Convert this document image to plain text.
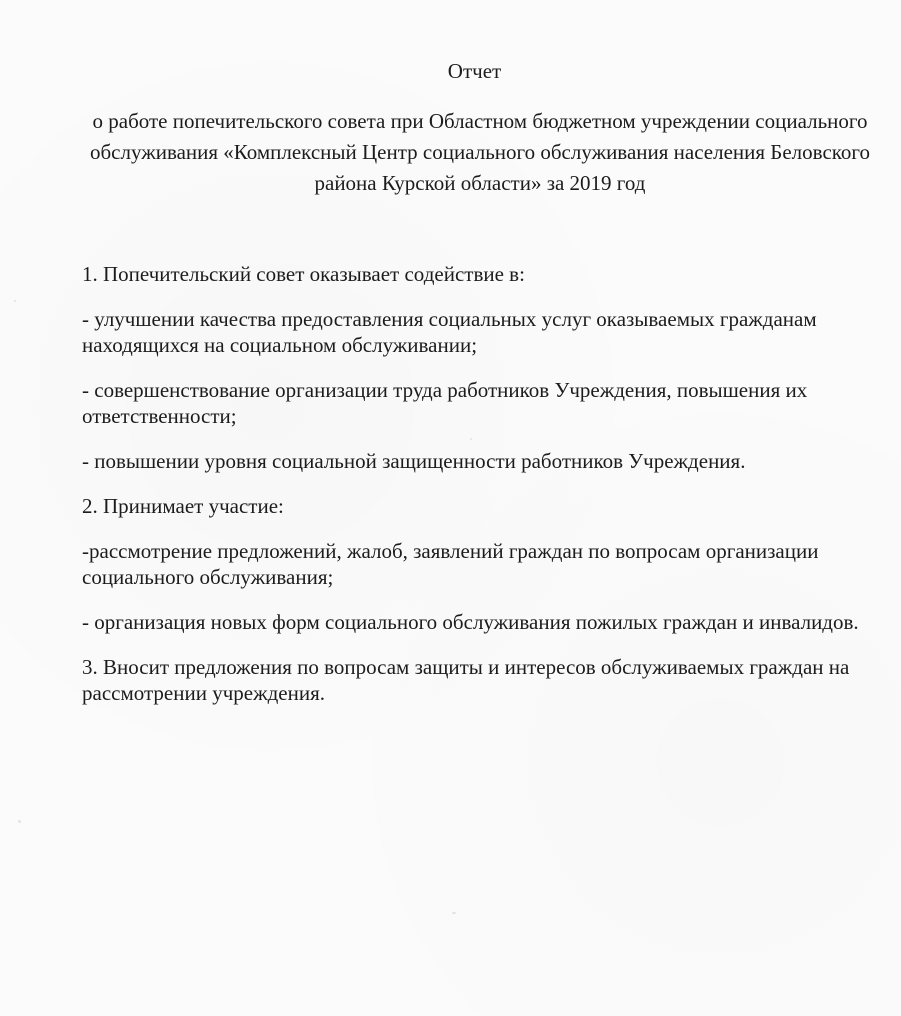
Отчет
о работе попечительского совета при Областном бюджетном учреждении социального обслуживания «Комплексный Центр социального обслуживания населения Беловского района Курской области» за 2019 год

1. Попечительский совет оказывает содействие в:

- улучшении качества предоставления социальных услуг оказываемых гражданам находящихся на социальном обслуживании;

- совершенствование организации труда работников Учреждения, повышения их ответственности;

- повышении уровня социальной защищенности работников Учреждения.

2. Принимает участие:

-рассмотрение предложений, жалоб, заявлений граждан по вопросам организации социального обслуживания;

- организация новых форм социального обслуживания пожилых граждан и инвалидов.

3. Вносит предложения по вопросам защиты и интересов обслуживаемых граждан на рассмотрении учреждения.
